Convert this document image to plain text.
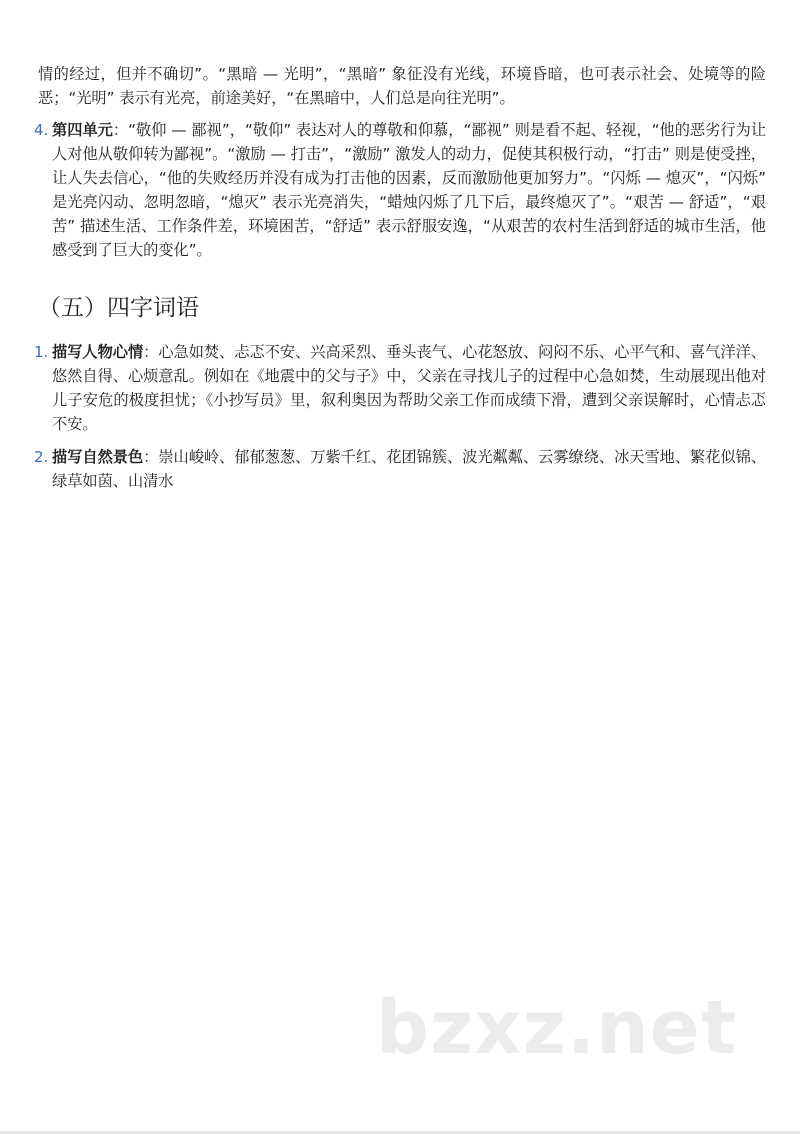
情的经过，但并不确切”。“黑暗 — 光明”，“黑暗” 象征没有光线，环境昏暗，也可表示社会、处境等的险恶；“光明” 表示有光亮，前途美好，“在黑暗中，人们总是向往光明”。

4. 第四单元：“敬仰 — 鄙视”，“敬仰” 表达对人的尊敬和仰慕，“鄙视” 则是看不起、轻视，“他的恶劣行为让人对他从敬仰转为鄙视”。“激励 — 打击”，“激励” 激发人的动力，促使其积极行动，“打击” 则是使受挫，让人失去信心，“他的失败经历并没有成为打击他的因素，反而激励他更加努力”。“闪烁 — 熄灭”，“闪烁” 是光亮闪动、忽明忽暗，“熄灭” 表示光亮消失，“蜡烛闪烁了几下后，最终熄灭了”。“艰苦 — 舒适”，“艰苦” 描述生活、工作条件差，环境困苦，“舒适” 表示舒服安逸，“从艰苦的农村生活到舒适的城市生活，他感受到了巨大的变化”。
（五）四字词语
1. 描写人物心情：心急如焚、忐忑不安、兴高采烈、垂头丧气、心花怒放、闷闷不乐、心平气和、喜气洋洋、悠然自得、心烦意乱。例如在《地震中的父与子》中，父亲在寻找儿子的过程中心急如焚，生动展现出他对儿子安危的极度担忧；《小抄写员》里，叙利奥因为帮助父亲工作而成绩下滑，遭到父亲误解时，心情忐忑不安。
2. 描写自然景色：崇山峻岭、郁郁葱葱、万紫千红、花团锦簇、波光粼粼、云雾缭绕、冰天雪地、繁花似锦、绿草如茵、山清水
bzxz.net
